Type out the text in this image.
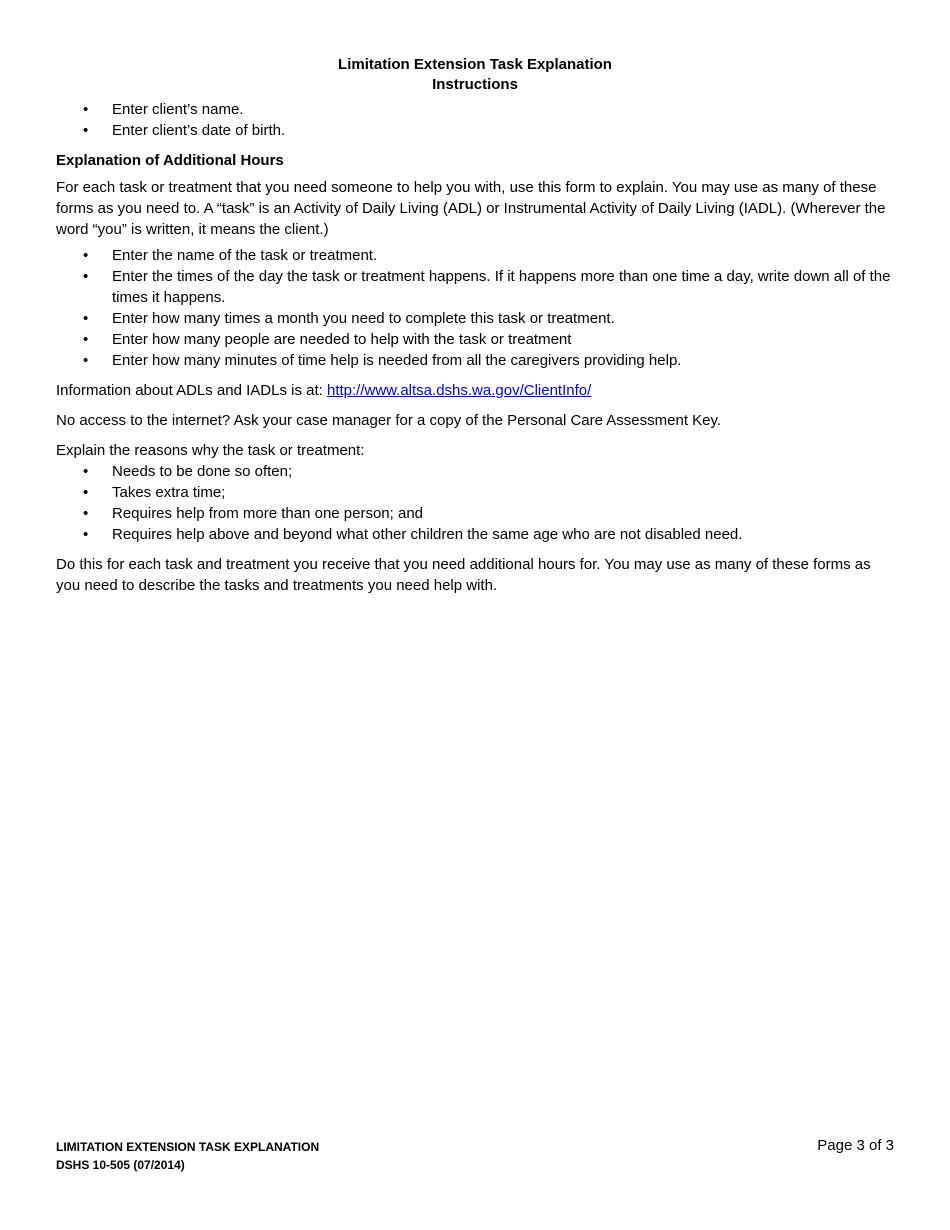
Limitation Extension Task Explanation
Instructions
• Enter client’s name.
• Enter client’s date of birth.
Explanation of Additional Hours

For each task or treatment that you need someone to help you with, use this form to explain. You may use as many of these forms as you need to. A “task” is an Activity of Daily Living (ADL) or Instrumental Activity of Daily Living (IADL). (Wherever the word “you” is written, it means the client.)

• Enter the name of the task or treatment.
• Enter the times of the day the task or treatment happens. If it happens more than one time a day, write down all of the times it happens.
• Enter how many times a month you need to complete this task or treatment.
• Enter how many people are needed to help with the task or treatment
• Enter how many minutes of time help is needed from all the caregivers providing help.

Information about ADLs and IADLs is at: http://www.altsa.dshs.wa.gov/ClientInfo/

No access to the internet? Ask your case manager for a copy of the Personal Care Assessment Key.

Explain the reasons why the task or treatment:

• Needs to be done so often;
• Takes extra time;
• Requires help from more than one person; and
• Requires help above and beyond what other children the same age who are not disabled need.

Do this for each task and treatment you receive that you need additional hours for. You may use as many of these forms as you need to describe the tasks and treatments you need help with.

LIMITATION EXTENSION TASK EXPLANATION
DSHS 10-505 (07/2014)
Page 3 of 3
